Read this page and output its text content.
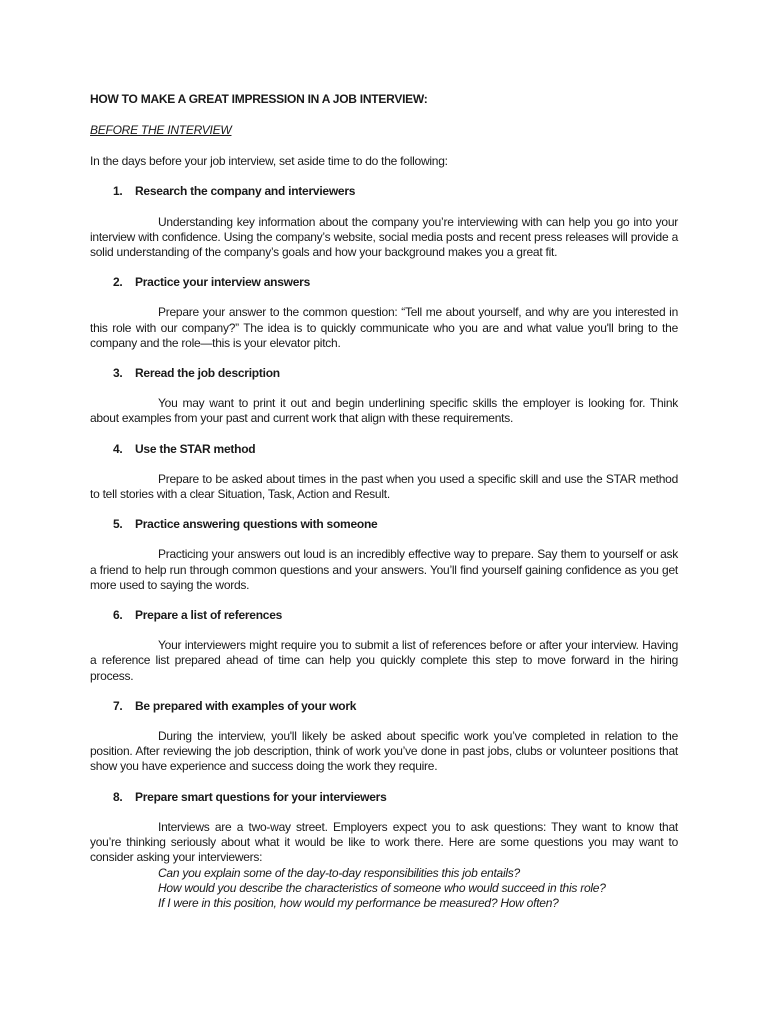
HOW TO MAKE A GREAT IMPRESSION IN A JOB INTERVIEW:

BEFORE THE INTERVIEW

In the days before your job interview, set aside time to do the following:

1.	Research the company and interviewers

Understanding key information about the company you’re interviewing with can help you go into your interview with confidence. Using the company’s website, social media posts and recent press releases will provide a solid understanding of the company’s goals and how your background makes you a great fit.

2.	Practice your interview answers

Prepare your answer to the common question: “Tell me about yourself, and why are you interested in this role with our company?” The idea is to quickly communicate who you are and what value you'll bring to the company and the role—this is your elevator pitch.

3.	Reread the job description

You may want to print it out and begin underlining specific skills the employer is looking for. Think about examples from your past and current work that align with these requirements.

4.	Use the STAR method

Prepare to be asked about times in the past when you used a specific skill and use the STAR method to tell stories with a clear Situation, Task, Action and Result.

5.	Practice answering questions with someone

Practicing your answers out loud is an incredibly effective way to prepare. Say them to yourself or ask a friend to help run through common questions and your answers. You’ll find yourself gaining confidence as you get more used to saying the words.

6.	Prepare a list of references

Your interviewers might require you to submit a list of references before or after your interview. Having a reference list prepared ahead of time can help you quickly complete this step to move forward in the hiring process.

7.	Be prepared with examples of your work

During the interview, you'll likely be asked about specific work you’ve completed in relation to the position. After reviewing the job description, think of work you’ve done in past jobs, clubs or volunteer positions that show you have experience and success doing the work they require.

8.	Prepare smart questions for your interviewers

Interviews are a two-way street. Employers expect you to ask questions: They want to know that you’re thinking seriously about what it would be like to work there. Here are some questions you may want to consider asking your interviewers:

Can you explain some of the day-to-day responsibilities this job entails?
How would you describe the characteristics of someone who would succeed in this role?
If I were in this position, how would my performance be measured? How often?
